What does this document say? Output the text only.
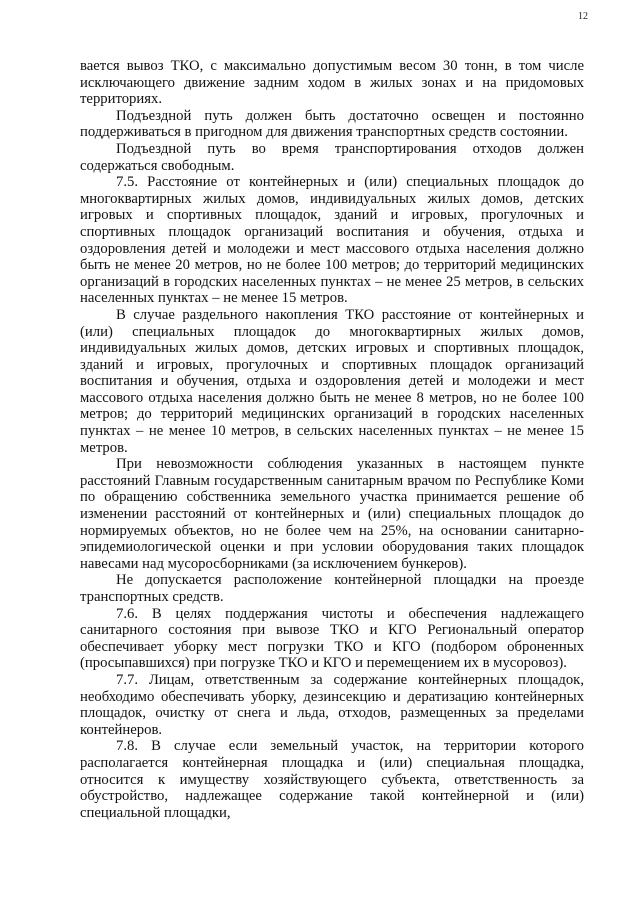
12

вается вывоз ТКО, с максимально допустимым весом 30 тонн, в том числе исключающего движение задним ходом в жилых зонах и на придомовых территориях.

Подъездной путь должен быть достаточно освещен и постоянно поддерживаться в пригодном для движения транспортных средств состоянии.

Подъездной путь во время транспортирования отходов должен содержаться свободным.

7.5. Расстояние от контейнерных и (или) специальных площадок до многоквартирных жилых домов, индивидуальных жилых домов, детских игровых и спортивных площадок, зданий и игровых, прогулочных и спортивных площадок организаций воспитания и обучения, отдыха и оздоровления детей и молодежи и мест массового отдыха населения должно быть не менее 20 метров, но не более 100 метров; до территорий медицинских организаций в городских населенных пунктах – не менее 25 метров, в сельских населенных пунктах – не менее 15 метров.

В случае раздельного накопления ТКО расстояние от контейнерных и (или) специальных площадок до многоквартирных жилых домов, индивидуальных жилых домов, детских игровых и спортивных площадок, зданий и игровых, прогулочных и спортивных площадок организаций воспитания и обучения, отдыха и оздоровления детей и молодежи и мест массового отдыха населения должно быть не менее 8 метров, но не более 100 метров; до территорий медицинских организаций в городских населенных пунктах – не менее 10 метров, в сельских населенных пунктах – не менее 15 метров.

При невозможности соблюдения указанных в настоящем пункте расстояний Главным государственным санитарным врачом по Республике Коми по обращению собственника земельного участка принимается решение об изменении расстояний от контейнерных и (или) специальных площадок до нормируемых объектов, но не более чем на 25%, на основании санитарно-эпидемиологической оценки и при условии оборудования таких площадок навесами над мусоросборниками (за исключением бункеров).

Не допускается расположение контейнерной площадки на проезде транспортных средств.

7.6. В целях поддержания чистоты и обеспечения надлежащего санитарного состояния при вывозе ТКО и КГО Региональный оператор обеспечивает уборку мест погрузки ТКО и КГО (подбором оброненных (просыпавшихся) при погрузке ТКО и КГО и перемещением их в мусоровоз).

7.7. Лицам, ответственным за содержание контейнерных площадок, необходимо обеспечивать уборку, дезинсекцию и дератизацию контейнерных площадок, очистку от снега и льда, отходов, размещенных за пределами контейнеров.

7.8. В случае если земельный участок, на территории которого располагается контейнерная площадка и (или) специальная площадка, относится к имуществу хозяйствующего субъекта, ответственность за обустройство, надлежащее содержание такой контейнерной и (или) специальной площадки,
